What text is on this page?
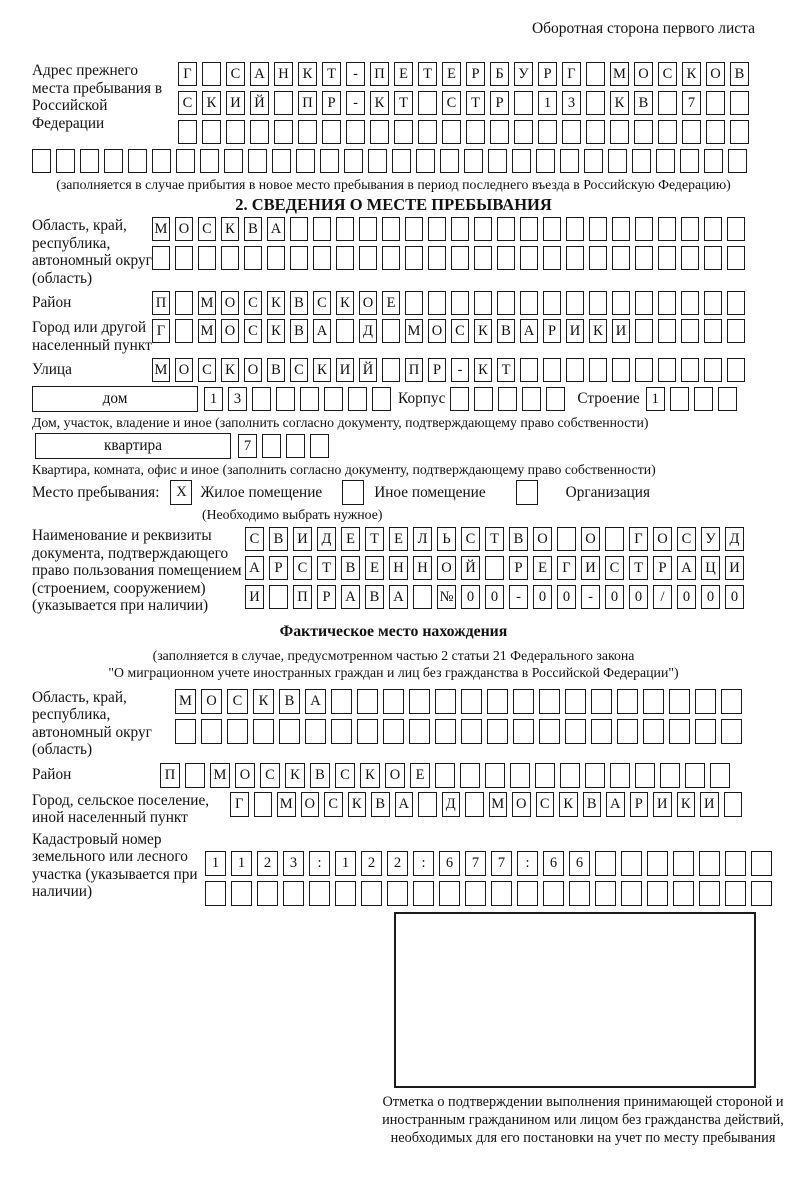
Оборотная сторона первого листа
Адрес прежнего места пребывания в Российской Федерации
Г	С А Н К	Т	-	П Е	Т	Е	Р	Б	У	Р	Г	М О С К О В
С К И Й	П	Р	-	К	Т	С	Т	Р	1	3	К В	7
(заполняется в случае прибытия в новое место пребывания в период последнего въезда в Российскую Федерацию)
2. СВЕДЕНИЯ О МЕСТЕ ПРЕБЫВАНИЯ
Область, край, республика, автономный округ (область)
М О С К В А
Район	П М О С К В С К О Е
Город или другой населенный пункт
Г	М О С К В А Д М О С К В А Р И К И
Улица	М О С К О В С К И Й П Р	-	К Т
дом	1	3	Корпус	Строение 1
Дом, участок, владение и иное (заполнить согласно документу, подтверждающему право собственности)
квартира	7
Квартира, комната, офис и иное (заполнить согласно документу, подтверждающему право собственности)
Место пребывания:	X Жилое помещение	Иное помещение	Организация
(Необходимо выбрать нужное)
Наименование и реквизиты документа, подтверждающего право пользования помещением (строением, сооружением) (указывается при наличии)
С В И Д	Е	Т	Е	Л	Ь	С	Т	В О	О	Г	О С У Д
А	Р	С	Т	В	Е Н Н О Й	Р	Е	Г	И С	Т	Р	А Ц И
И	П	Р	А В А № 0	0	-	0	0	-	0	0	/	0	0	0
Фактическое место нахождения
(заполняется в случае, предусмотренном частью 2 статьи 21 Федерального закона
"О миграционном учете иностранных граждан и лиц без гражданства в Российской Федерации")
Область, край, республика, автономный округ (область)
М О	С	К	В	А
Район	П	М О	С	К	В	С	К	О	Е
Город, сельское поселение, иной населенный пункт
Г	М О С К В А	Д М О С К В А Р И К И
Кадастровый номер земельного или лесного участка (указывается при наличии)
1	1	2	3	:	1	2	2	:	6	7	7	:	6	6
Отметка о подтверждении выполнения принимающей стороной и иностранным гражданином или лицом без гражданства действий, необходимых для его постановки на учет по месту пребывания
